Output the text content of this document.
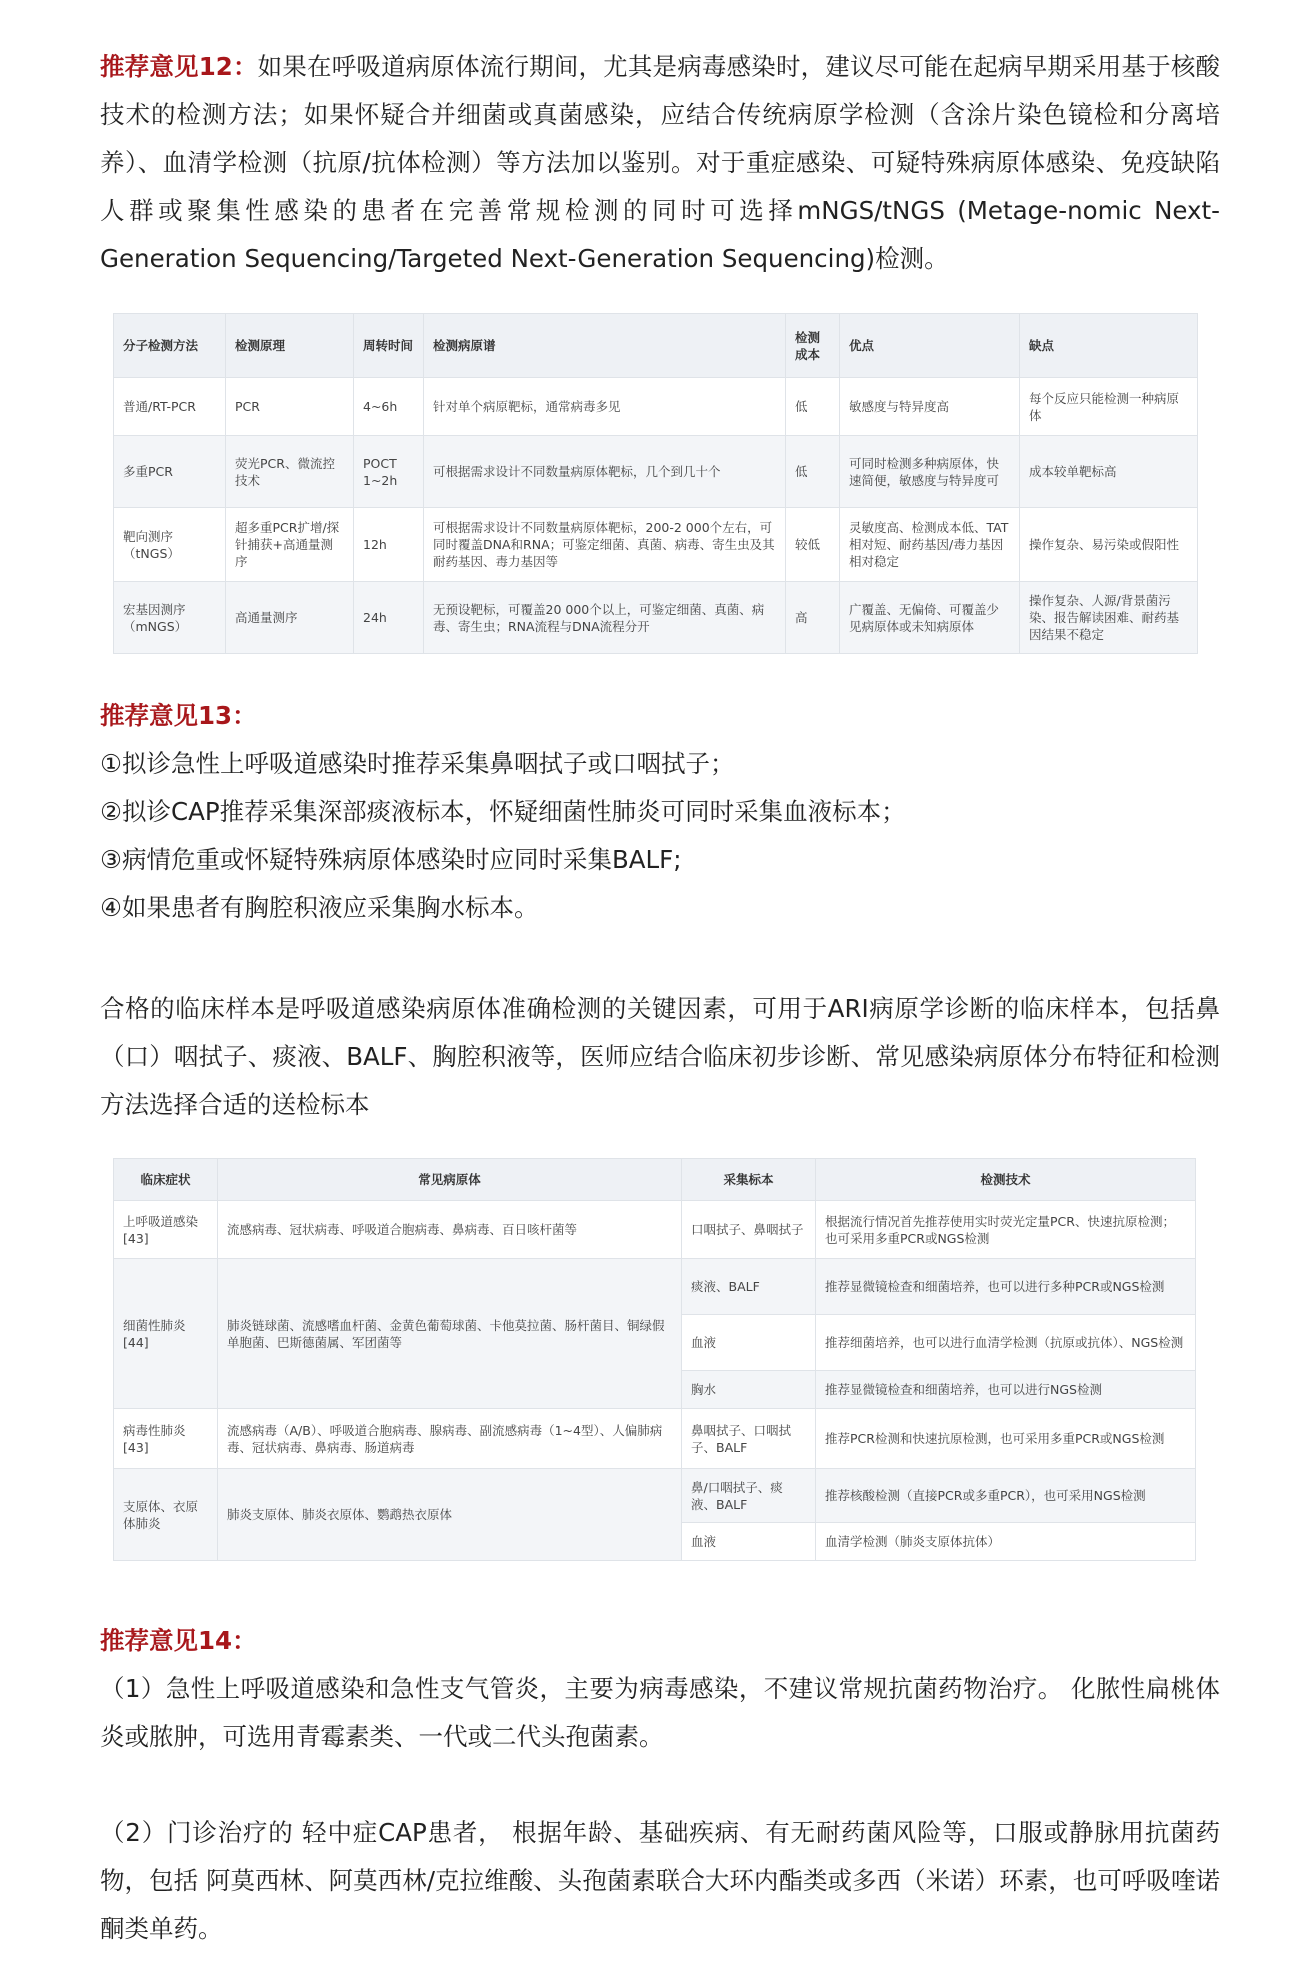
推荐意见12：如果在呼吸道病原体流行期间，尤其是病毒感染时，建议尽可能在起病早期采用基于核酸技术的检测方法；如果怀疑合并细菌或真菌感染，应结合传统病原学检测（含涂片染色镜检和分离培养）、血清学检测（抗原/抗体检测）等方法加以鉴别。对于重症感染、可疑特殊病原体感染、免疫缺陷人群或聚集性感染的患者在完善常规检测的同时可选择mNGS/tNGS (Metage-nomic Next-Generation Sequencing/Targeted Next-Generation Sequencing)检测。

分子检测方法	检测原理	周转时间	检测病原谱	检测成本	优点	缺点
普通/RT-PCR	PCR	4~6h	针对单个病原靶标，通常病毒多见	低	敏感度与特异度高	每个反应只能检测一种病原体
多重PCR	荧光PCR、微流控技术	POCT 1~2h	可根据需求设计不同数量病原体靶标，几个到几十个	低	可同时检测多种病原体，快速简便，敏感度与特异度可	成本较单靶标高
靶向测序（tNGS）	超多重PCR扩增/探针捕获+高通量测序	12h	可根据需求设计不同数量病原体靶标，200-2 000个左右，可同时覆盖DNA和RNA；可鉴定细菌、真菌、病毒、寄生虫及其耐药基因、毒力基因等	较低	灵敏度高、检测成本低、TAT相对短、耐药基因/毒力基因相对稳定	操作复杂、易污染或假阳性
宏基因测序（mNGS）	高通量测序	24h	无预设靶标，可覆盖20 000个以上，可鉴定细菌、真菌、病毒、寄生虫；RNA流程与DNA流程分开	高	广覆盖、无偏倚、可覆盖少见病原体或未知病原体	操作复杂、人源/背景菌污染、报告解读困难、耐药基因结果不稳定

推荐意见13：

①拟诊急性上呼吸道感染时推荐采集鼻咽拭子或口咽拭子；

②拟诊CAP推荐采集深部痰液标本，怀疑细菌性肺炎可同时采集血液标本；

③病情危重或怀疑特殊病原体感染时应同时采集BALF;

④如果患者有胸腔积液应采集胸水标本。

合格的临床样本是呼吸道感染病原体准确检测的关键因素，可用于ARI病原学诊断的临床样本，包括鼻（口）咽拭子、痰液、BALF、胸腔积液等，医师应结合临床初步诊断、常见感染病原体分布特征和检测方法选择合适的送检标本

临床症状	常见病原体	采集标本	检测技术
上呼吸道感染 [43]	流感病毒、冠状病毒、呼吸道合胞病毒、鼻病毒、百日咳杆菌等	口咽拭子、鼻咽拭子	根据流行情况首先推荐使用实时荧光定量PCR、快速抗原检测；也可采用多重PCR或NGS检测
细菌性肺炎 [44]	肺炎链球菌、流感嗜血杆菌、金黄色葡萄球菌、卡他莫拉菌、肠杆菌目、铜绿假单胞菌、巴斯德菌属、军团菌等	痰液、BALF	推荐显微镜检查和细菌培养，也可以进行多种PCR或NGS检测
		血液	推荐细菌培养，也可以进行血清学检测（抗原或抗体）、NGS检测
		胸水	推荐显微镜检查和细菌培养，也可以进行NGS检测
病毒性肺炎 [43]	流感病毒（A/B）、呼吸道合胞病毒、腺病毒、副流感病毒（1~4型）、人偏肺病毒、冠状病毒、鼻病毒、肠道病毒	鼻咽拭子、口咽拭子、BALF	推荐PCR检测和快速抗原检测，也可采用多重PCR或NGS检测
支原体、衣原体肺炎	肺炎支原体、肺炎衣原体、鹦鹉热衣原体	鼻/口咽拭子、痰液、BALF	推荐核酸检测（直接PCR或多重PCR），也可采用NGS检测
		血液	血清学检测（肺炎支原体抗体）

推荐意见14：

（1）急性上呼吸道感染和急性支气管炎，主要为病毒感染，不建议常规抗菌药物治疗。 化脓性扁桃体炎或脓肿，可选用青霉素类、一代或二代头孢菌素。

（2）门诊治疗的 轻中症CAP患者， 根据年龄、基础疾病、有无耐药菌风险等，口服或静脉用抗菌药物，包括 阿莫西林、阿莫西林/克拉维酸、头孢菌素联合大环内酯类或多西（米诺）环素，也可呼吸喹诺酮类单药。
